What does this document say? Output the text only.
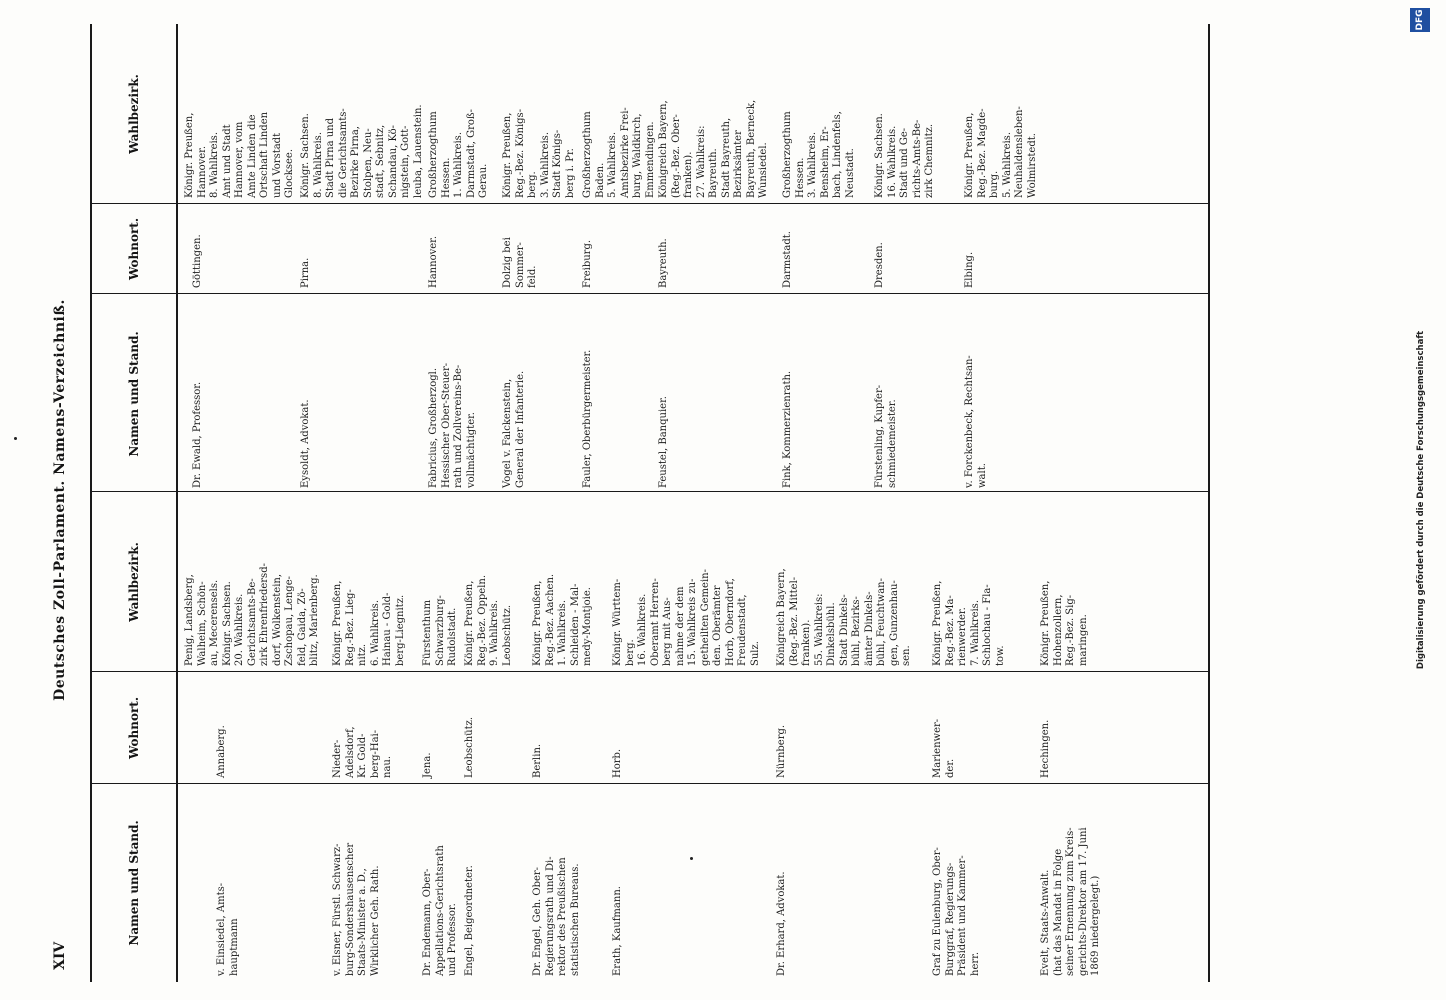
XIV
Deutsches Zoll-Parlament. Namens-Verzeichniß.
Namen und Stand.
Wohnort.
Wahlbezirk.
v. Einsiedel, Amts-
hauptmann
Annaberg.
Penig, Landsberg,
Walheim, Schön-
au, Mecerensels.
Königr. Sachsen.
20. Wahlkreis.
Gerichtsamts-Be-
zirk Ehrenfriedersd-
dorf, Wolkenstein,
Zschopau, Lenge-
feld, Gaida, Zö-
blitz, Marienberg.
v. Elsner, Fürstl. Schwarz-
burg-Sondershausenscher
Staats-Minister a. D.,
Wirklicher Geh. Rath.
Nieder-
Adelsdorf,
Kr. Gold-
berg-Hai-
nau.
Königr. Preußen,
Reg.-Bez. Lieg-
nitz.
6. Wahlkreis.
Hainau - Gold-
berg-Liegnitz.
Dr. Endemann, Ober-
Appellations-Gerichtsrath
und Professor.
Jena.
Fürstenthum
Schwarzburg-
Rudolstadt.
Engel, Beigeordneter.
Leobschütz.
Königr. Preußen,
Reg.-Bez. Oppeln.
9. Wahlkreis.
Leobschütz.
Dr. Engel, Geh. Ober-
Regierungsrath und Di-
rektor des Preußischen
statistischen Bureaus.
Berlin.
Königr. Preußen,
Reg.-Bez. Aachen.
1. Wahlkreis.
Schleiden - Mal-
medy-Montjoie.
Erath, Kaufmann.
Horb.
Königr. Württem-
berg.
16. Wahlkreis.
Oberamt Herren-
berg mit Aus-
nahme der dem
15. Wahlkreis zu-
getheilten Gemein-
den. Oberämter
Horb, Oberndorf,
Freudenstadt,
Sulz.
Dr. Erhard, Advokat.
Nürnberg.
Königreich Bayern,
(Reg.-Bez. Mittel-
franken).
55. Wahlkreis:
Dinkelsbühl.
Stadt Dinkels-
bühl, Bezirks-
ämter Dinkels-
bühl, Feuchtwan-
gen, Gunzenhau-
sen.
Graf zu Eulenburg, Ober-
Burggraf, Regierungs-
Präsident und Kammer-
herr.
Marienwer-
der.
Königr. Preußen,
Reg.-Bez. Ma-
rienwerder.
7. Wahlkreis.
Schlochau - Fla-
tow.
Evelt, Staats-Anwalt.
(hat das Mandat in Folge
seiner Ernennung zum Kreis-
gerichts-Direktor am 17. Juni
1869 niedergelegt.)
Hechingen.
Königr. Preußen,
Hohenzollern,
Reg.-Bez. Sig-
maringen.
Namen und Stand.
Wohnort.
Wahlbezirk.
Dr. Ewald, Professor.
Göttingen.
Königr. Preußen,
Hannover.
8. Wahlkreis.
Amt und Stadt
Hannover, vom
Amte Linden die
Ortschaft Linden
und Vorstadt
Glocksee.
Eysoldt, Advokat.
Pirna.
Königr. Sachsen.
8. Wahlkreis.
Stadt Pirna und
die Gerichtsamts-
Bezirke Pirna,
Stolpen, Neu-
stadt, Sebnitz,
Schandau, Kö-
nigstein, Gott-
leuba, Lauenstein.
Fabricius, Großherzogl.
Hessischer Ober-Steuer-
rath und Zollvereins-Be-
vollmächtigter.
Hannover.
Großherzogthum
Hessen.
1. Wahlkreis.
Darmstadt, Groß-
Gerau.
Vogel v. Falckenstein,
General der Infanterie.
Dolzig bei
Sommer-
feld.
Königr. Preußen,
Reg.-Bez. Königs-
berg.
3. Wahlkreis.
Stadt Königs-
berg i. Pr.
Fauler, Oberbürgermeister.
Freiburg.
Großherzogthum
Baden.
5. Wahlkreis.
Amtsbezirke Frei-
burg, Waldkirch,
Emmendingen.
Feustel, Banquier.
Bayreuth.
Königreich Bayern,
(Reg.-Bez. Ober-
franken).
27. Wahlkreis:
Bayreuth.
Stadt Bayreuth,
Bezirksämter
Bayreuth, Berneck,
Wunsiedel.
Fink, Kommerzienrath.
Darmstadt.
Großherzogthum
Hessen.
3. Wahlkreis.
Bensheim, Er-
bach, Lindenfels,
Neustadt.
Fürstenling, Kupfer-
schmiedemeister.
Dresden.
Königr. Sachsen.
16. Wahlkreis.
Stadt und Ge-
richts-Amts-Be-
zirk Chemnitz.
v. Forckenbeck, Rechtsan-
walt.
Elbing.
Königr. Preußen,
Reg.-Bez. Magde-
burg.
5. Wahlkreis.
Neuhaldensleben-
Wolmirstedt.
Digitalisierung gefördert durch die Deutsche Forschungsgemeinschaft
DFG
